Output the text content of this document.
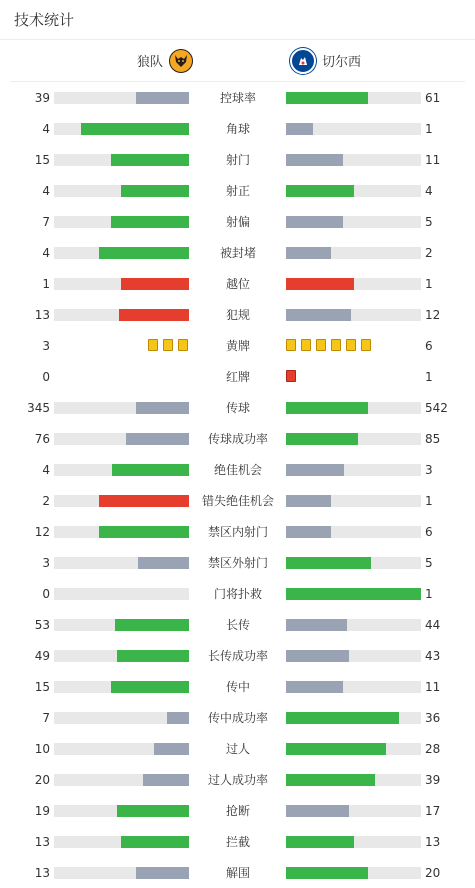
技术统计
狼队	切尔西
39	控球率	61
4	角球	1
15	射门	11
4	射正	4
7	射偏	5
4	被封堵	2
1	越位	1
13	犯规	12
3	黄牌	6
0	红牌	1
345	传球	542
76	传球成功率	85
4	绝佳机会	3
2	错失绝佳机会	1
12	禁区内射门	6
3	禁区外射门	5
0	门将扑救	1
53	长传	44
49	长传成功率	43
15	传中	11
7	传中成功率	36
10	过人	28
20	过人成功率	39
19	抢断	17
13	拦截	13
13	解围	20
